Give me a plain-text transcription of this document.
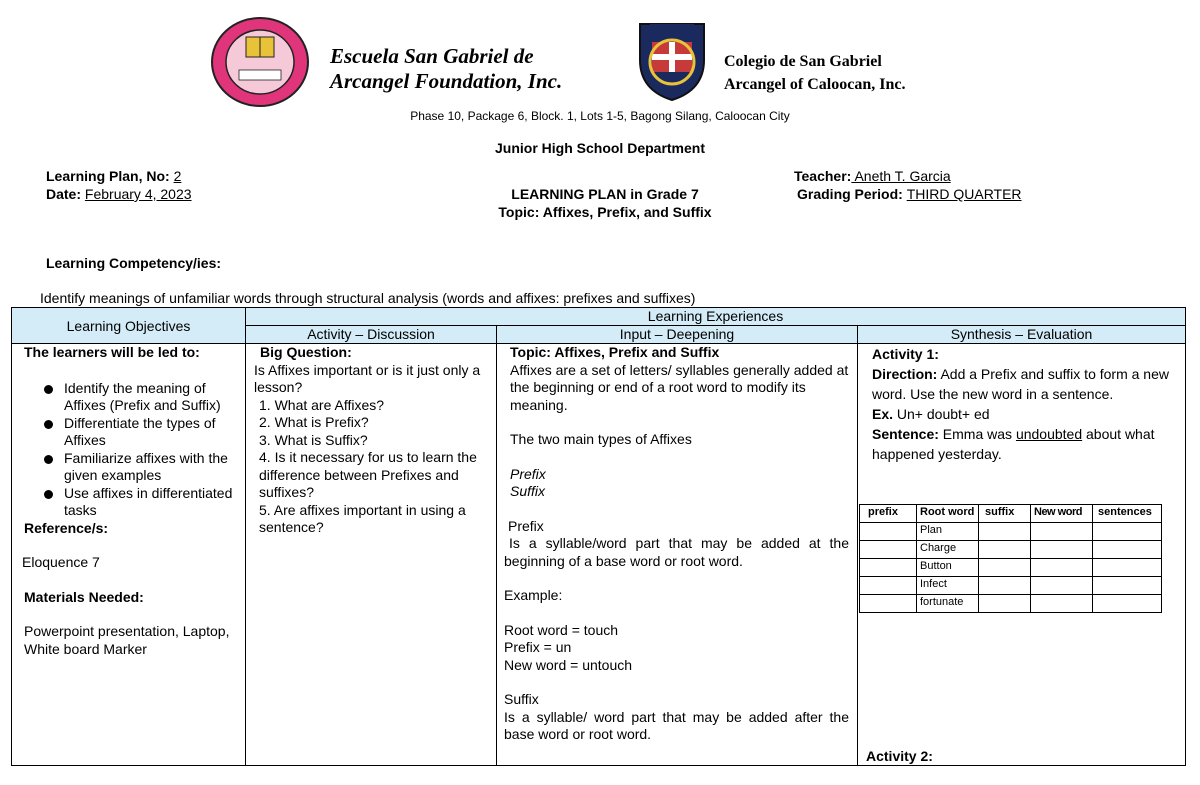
Escuela San Gabriel de
Arcangel Foundation, Inc.
Colegio de San Gabriel
Arcangel of Caloocan, Inc.
Phase 10, Package 6, Block. 1, Lots 1-5, Bagong Silang, Caloocan City
Junior High School Department
Learning Plan, No: 2
Date: February 4, 2023	LEARNING PLAN in Grade 7
Topic: Affixes, Prefix, and Suffix
Teacher: Aneth T. Garcia
Grading Period: THIRD QUARTER
Learning Competency/ies:
Identify meanings of unfamiliar words through structural analysis (words and affixes: prefixes and suffixes)
Learning Objectives	Learning Experiences
Activity – Discussion	Input – Deepening	Synthesis – Evaluation

The learners will be led to:
Identify the meaning of Affixes (Prefix and Suffix)
Differentiate the types of Affixes
Familiarize affixes with the given examples
Use affixes in differentiated tasks
Reference/s:
Eloquence 7
Materials Needed:
Powerpoint presentation, Laptop, White board Marker

Big Question:
Is Affixes important or is it just only a lesson?
1. What are Affixes?
2. What is Prefix?
3. What is Suffix?
4. Is it necessary for us to learn the difference between Prefixes and suffixes?
5. Are affixes important in using a sentence?

Topic: Affixes, Prefix and Suffix
Affixes are a set of letters/ syllables generally added at the beginning or end of a root word to modify its meaning.
The two main types of Affixes
Prefix
Suffix
Prefix
Is a syllable/word part that may be added at the beginning of a base word or root word.
Example:
Root word = touch
Prefix = un
New word = untouch
Suffix
Is a syllable/ word part that may be added after the base word or root word.

Activity 1:
Direction: Add a Prefix and suffix to form a new word. Use the new word in a sentence.
Ex. Un+ doubt+ ed
Sentence: Emma was undoubted about what happened yesterday.
prefix	Root word	suffix	New word	sentences
	Plan			
	Charge			
	Button			
	Infect			
	fortunate			
Activity 2:
